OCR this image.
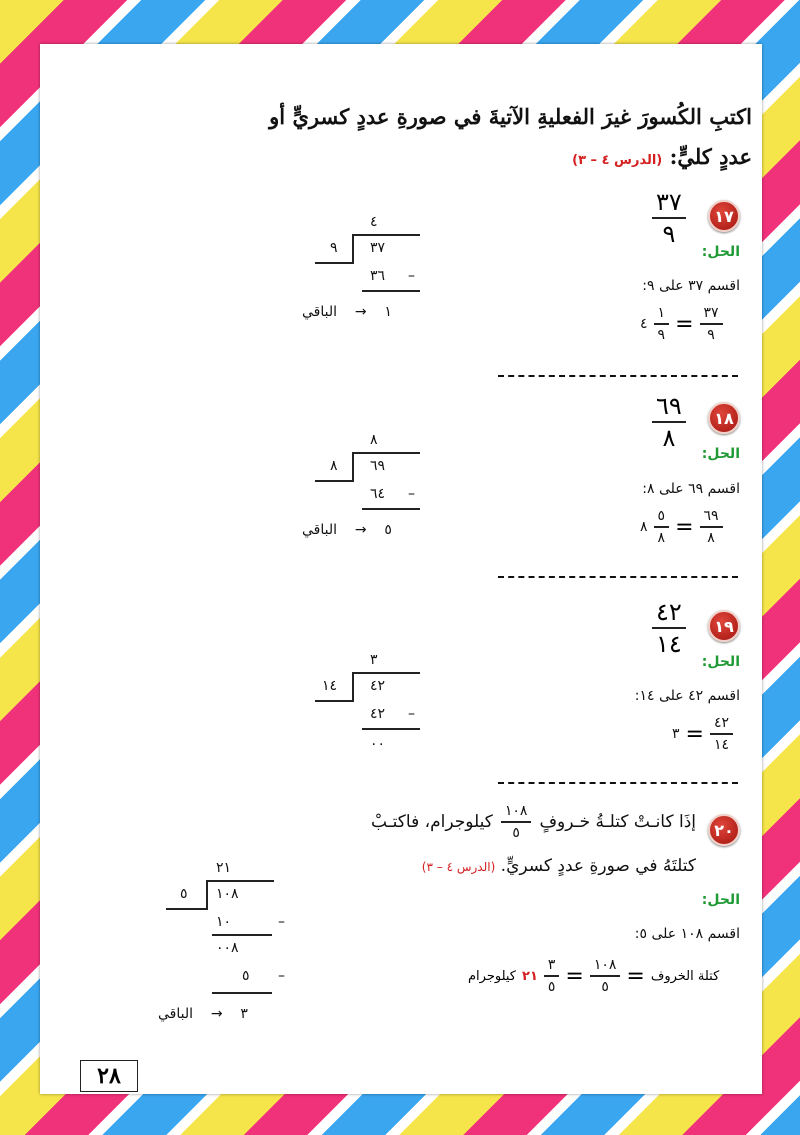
اكتبِ الكُسورَ غيرَ الفعليةِ الآتيةَ في صورةِ عددٍ كسريٍّ أو
عددٍ كليٍّ: (الدرس ٤ – ٣)
١٧
٣٧
٩
الحل:
اقسم ٣٧ على ٩:
٤ $\frac{١}{٩} = \frac{٣٧}{٩}$
٤
٩ ٣٧
٣٦ –
١    →    الباقي
١٨
٦٩
٨
الحل:
اقسم ٦٩ على ٨:
٨ $\frac{٥}{٨} = \frac{٦٩}{٨}$
٨
٨ ٦٩
٦٤ –
٥    →    الباقي
١٩
٤٢
١٤
الحل:
اقسم ٤٢ على ١٤:
٣ = $\frac{٤٢}{١٤}$
٣
١٤ ٤٢
٤٢ –
٠٠
٢٠
إذَا كانـتْ كتلـةُ خـروفٍ
$\frac{١٠٨}{٥}$
كيلوجرام، فاكتـبْ
كتلتَهُ في صورةِ عددٍ كسريٍّ. (الدرس ٤ – ٣)
الحل:
اقسم ١٠٨ على ٥:
كيلوجرام ٢١ $\frac{٣}{٥} = \frac{١٠٨}{٥}$ = كتلة الخروف
٢١
٥ ١٠٨
١٠	–
٠٠٨
٥ –
٣    →    الباقي
٢٨
